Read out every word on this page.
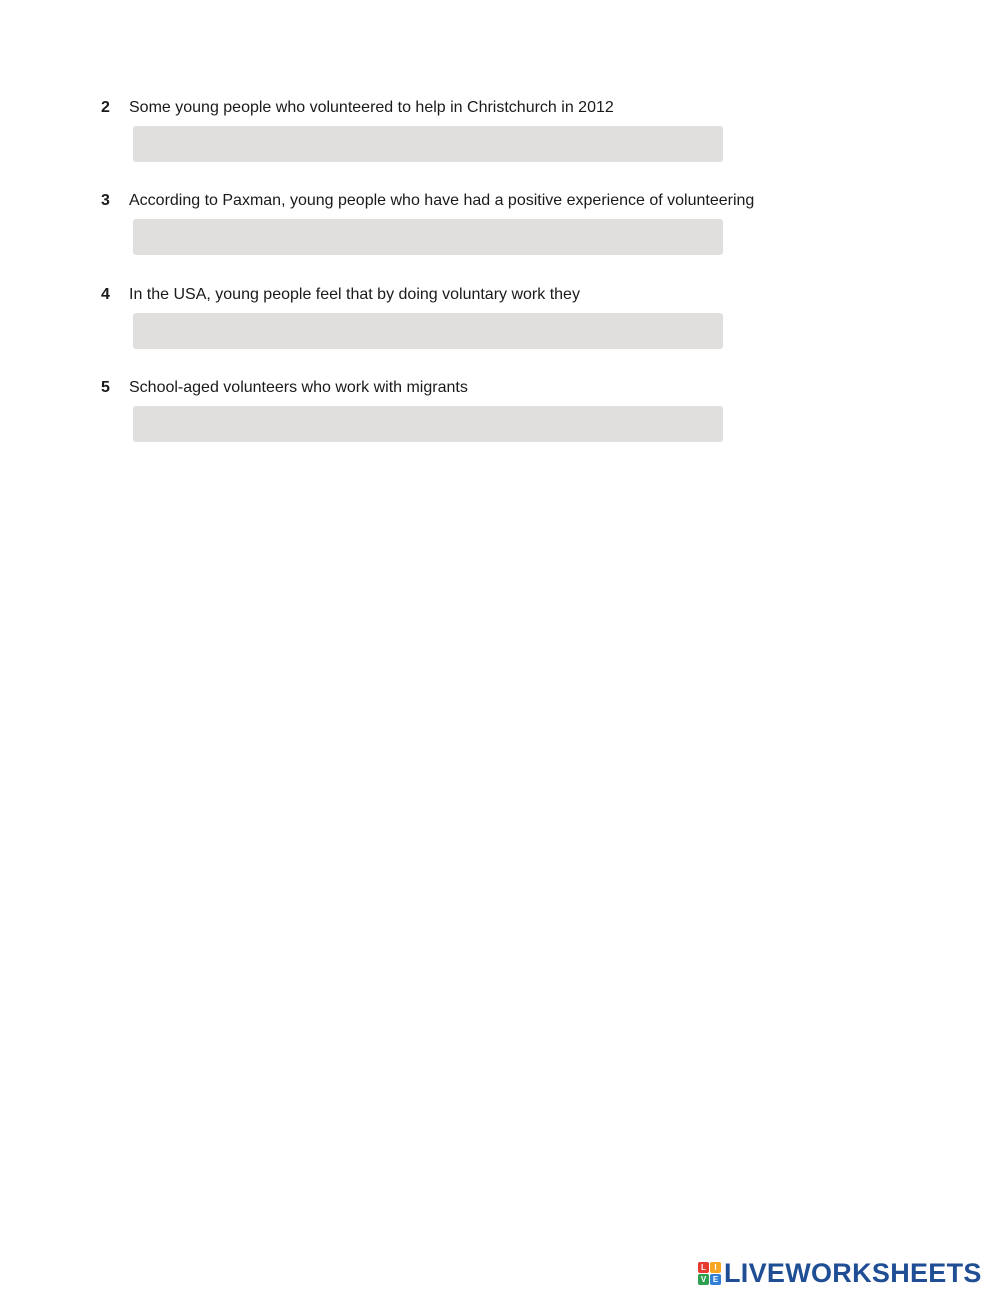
2 Some young people who volunteered to help in Christchurch in 2012
3 According to Paxman, young people who have had a positive experience of volunteering
4 In the USA, young people feel that by doing voluntary work they
5 School-aged volunteers who work with migrants
L	I
V E LIVEWORKSHEETS
